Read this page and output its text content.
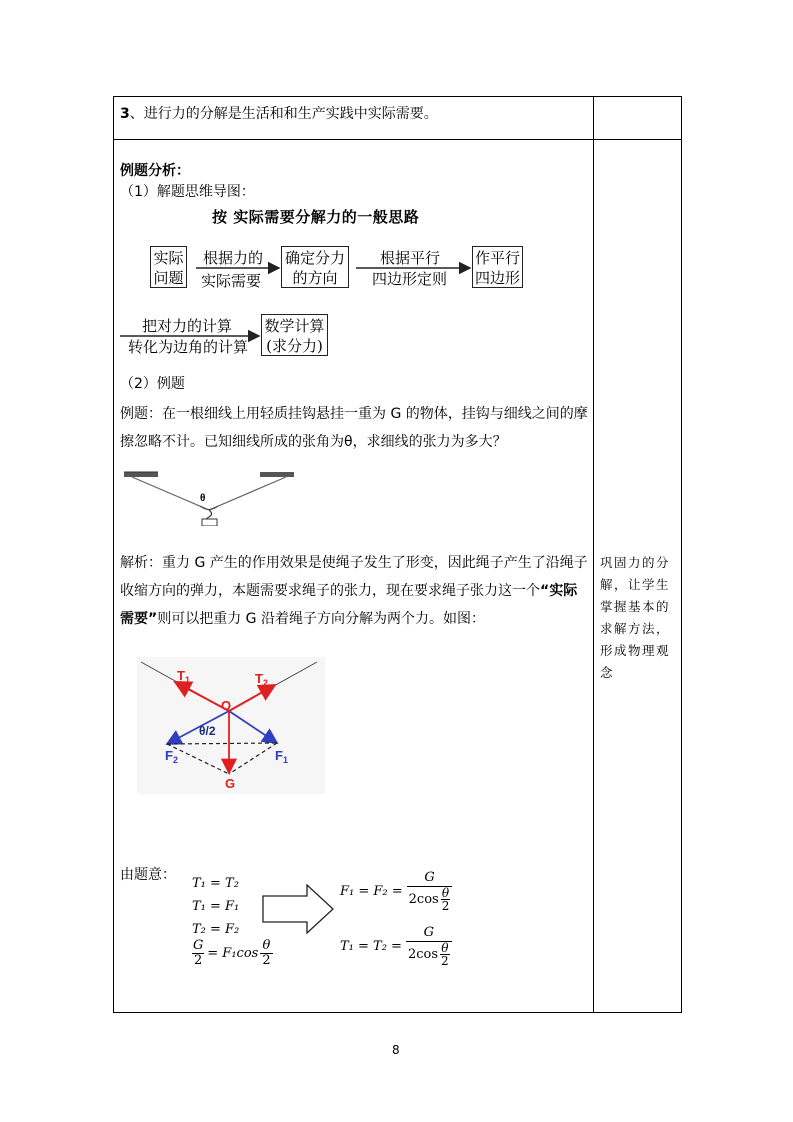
3、进行力的分解是生活和和生产实践中实际需要。
例题分析：
（1）解题思维导图：
按 实际需要分解力的一般思路
实际
问题
根据力的
实际需要
确定分力
的方向
根据平行
四边形定则
作平行
四边形
把对力的计算
转化为边角的计算
数学计算
(求分力)
（2）例题
例题：在一根细线上用轻质挂钩悬挂一重为 G 的物体，挂钩与细线之间的摩
擦忽略不计。已知细线所成的张角为θ，求细线的张力为多大？
θ
解析：重力 G 产生的作用效果是使绳子发生了形变，因此绳子产生了沿绳子
收缩方向的弹力，本题需要求绳子的张力，现在要求绳子张力这一个“实际
需要”则可以把重力 G 沿着绳子方向分解为两个力。如图：
$T_1$	$T_2$
O
θ/2
$F_2$	$F_1$
G
由题意：
T₁ = T₂
T₁ = F₁
T₂ = F₂
$\frac{G}{2} = F_1\cos$
θ
2
F₁ = F₂ = G
2cos θ
2
T₁ = T₂ = G
2cos θ
2
巩固力的分解，让学生掌握基本的求解方法，形成物理观念
8
